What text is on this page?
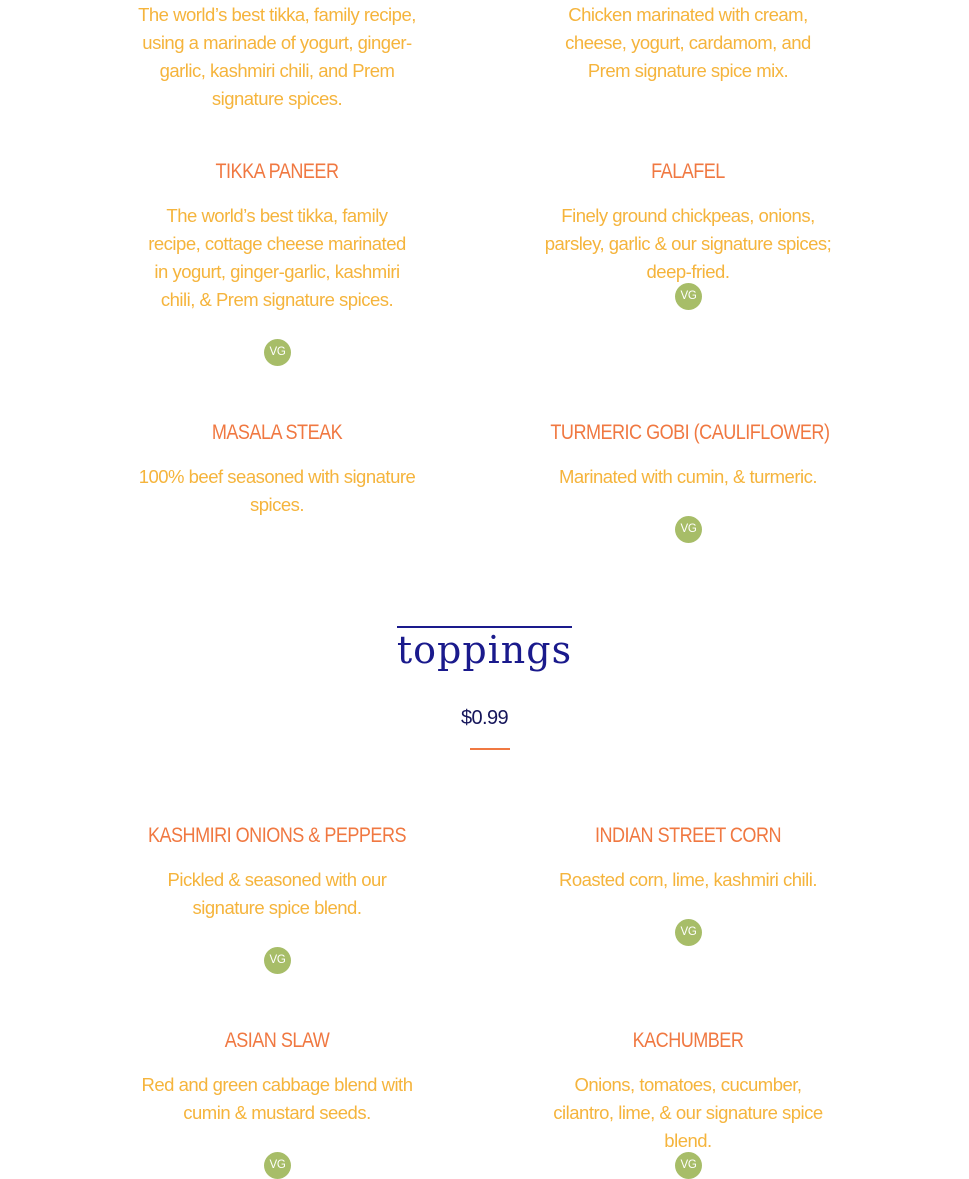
The world’s best tikka, family recipe, using a marinade of yogurt, ginger-garlic, kashmiri chili, and Prem signature spices.

Chicken marinated with cream, cheese, yogurt, cardamom, and Prem signature spice mix.

TIKKA PANEER

The world’s best tikka, family recipe, cottage cheese marinated in yogurt, ginger-garlic, kashmiri chili, & Prem signature spices.

VG
FALAFEL

Finely ground chickpeas, onions, parsley, garlic & our signature spices; deep-fried.

VG
MASALA STEAK

100% beef seasoned with signature spices.

TURMERIC GOBI (CAULIFLOWER)

Marinated with cumin, & turmeric.

VG
toppings
$0.99
KASHMIRI ONIONS & PEPPERS

Pickled & seasoned with our signature spice blend.

VG
INDIAN STREET CORN

Roasted corn, lime, kashmiri chili.

VG
ASIAN SLAW

Red and green cabbage blend with cumin & mustard seeds.

VG
KACHUMBER

Onions, tomatoes, cucumber, cilantro, lime, & our signature spice blend.

VG
